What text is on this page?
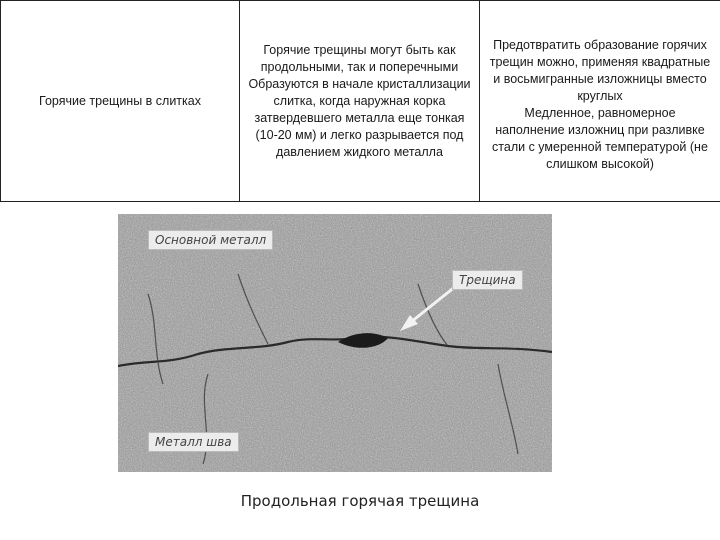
Горячие трещины в слитках
Горячие трещины могут быть как
продольными, так и поперечными
Образуются в начале кристаллизации
слитка, когда наружная корка
затвердевшего металла еще тонкая
(10-20 мм) и легко разрывается под
давлением жидкого металла
Предотвратить образование горячих
трещин можно, применяя квадратные
и восьмигранные изложницы вместо
круглых
Медленное, равномерное
наполнение изложниц при разливке
стали с умеренной температурой (не
слишком высокой)
Основной металл
Трещина
Металл шва
Продольная горячая трещина
